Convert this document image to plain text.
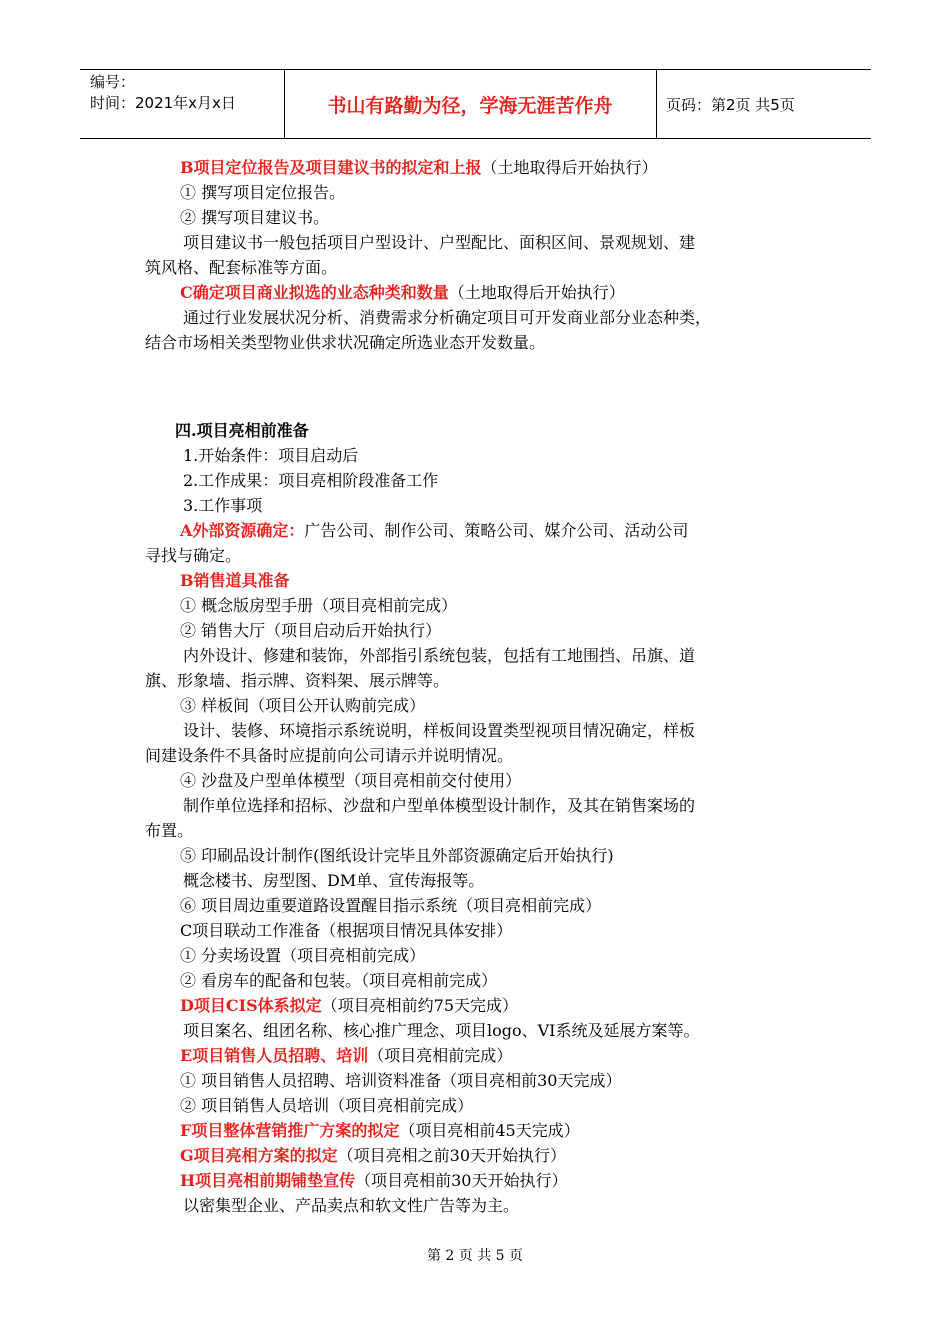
编号：
时间：2021年x月x日	书山有路勤为径，学海无涯苦作舟	页码：第2页 共5页
B项目定位报告及项目建议书的拟定和上报（土地取得后开始执行）
① 撰写项目定位报告。
② 撰写项目建议书。
项目建议书一般包括项目户型设计、户型配比、面积区间、景观规划、建
筑风格、配套标准等方面。
C确定项目商业拟选的业态种类和数量（土地取得后开始执行）
通过行业发展状况分析、消费需求分析确定项目可开发商业部分业态种类，
结合市场相关类型物业供求状况确定所选业态开发数量。
四.项目亮相前准备
1.开始条件：项目启动后
2.工作成果：项目亮相阶段准备工作
3.工作事项
A外部资源确定：广告公司、制作公司、策略公司、媒介公司、活动公司
寻找与确定。
B销售道具准备
① 概念版房型手册（项目亮相前完成）
② 销售大厅（项目启动后开始执行）
内外设计、修建和装饰，外部指引系统包装，包括有工地围挡、吊旗、道
旗、形象墙、指示牌、资料架、展示牌等。
③ 样板间（项目公开认购前完成）
设计、装修、环境指示系统说明，样板间设置类型视项目情况确定，样板
间建设条件不具备时应提前向公司请示并说明情况。
④ 沙盘及户型单体模型（项目亮相前交付使用）
制作单位选择和招标、沙盘和户型单体模型设计制作，及其在销售案场的
布置。
⑤ 印刷品设计制作(图纸设计完毕且外部资源确定后开始执行)
概念楼书、房型图、DM单、宣传海报等。
⑥ 项目周边重要道路设置醒目指示系统（项目亮相前完成）
C项目联动工作准备（根据项目情况具体安排）
① 分卖场设置（项目亮相前完成）
② 看房车的配备和包装。（项目亮相前完成）
D项目CIS体系拟定（项目亮相前约75天完成）
项目案名、组团名称、核心推广理念、项目logo、VI系统及延展方案等。
E项目销售人员招聘、培训（项目亮相前完成）
① 项目销售人员招聘、培训资料准备（项目亮相前30天完成）
② 项目销售人员培训（项目亮相前完成）
F项目整体营销推广方案的拟定（项目亮相前45天完成）
G项目亮相方案的拟定（项目亮相之前30天开始执行）
H项目亮相前期铺垫宣传（项目亮相前30天开始执行）
以密集型企业、产品卖点和软文性广告等为主。
第 2 页 共 5 页
